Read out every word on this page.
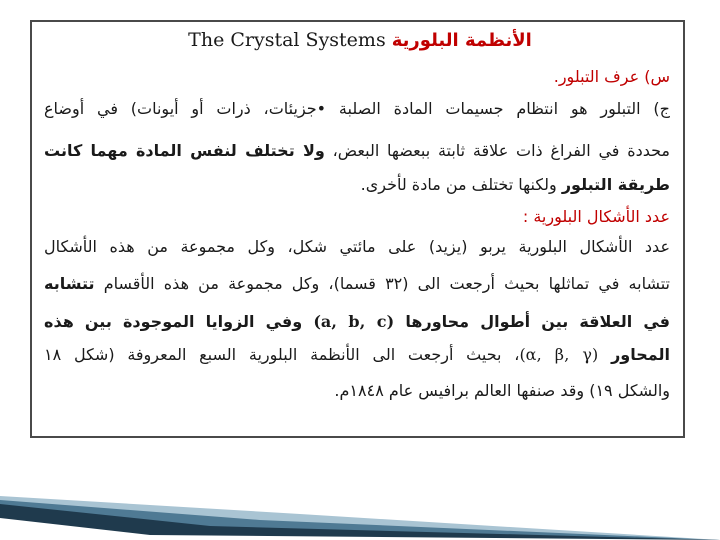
The Crystal Systems الأنظمة البلورية
س) عرف التبلور.
ج) التبلور هو انتظام جسيمات المادة الصلبة •جزيئات، ذرات أو أيونات) في أوضاع
محددة في الفراغ ذات علاقة ثابتة ببعضها البعض، ولا تختلف لنفس المادة مهما كانت
طريقة التبلور ولكنها تختلف من مادة لأخرى.
عدد الأشكال البلورية :
عدد الأشكال البلورية يربو (يزيد) على مائتي شكل، وكل مجموعة من هذه الأشكال
تتشابه في تماثلها بحيث أرجعت الى (٣٢ قسما)، وكل مجموعة من هذه الأقسام تتشابه
في العلاقة بين أطوال محاورها (a, b, c) وفي الزوايا الموجودة بين هذه
المحاور (α, β, γ)، بحيث أرجعت الى الأنظمة البلورية السبع المعروفة (شكل ١٨
والشكل ١٩) وقد صنفها العالم برافيس عام ١٨٤٨م.
